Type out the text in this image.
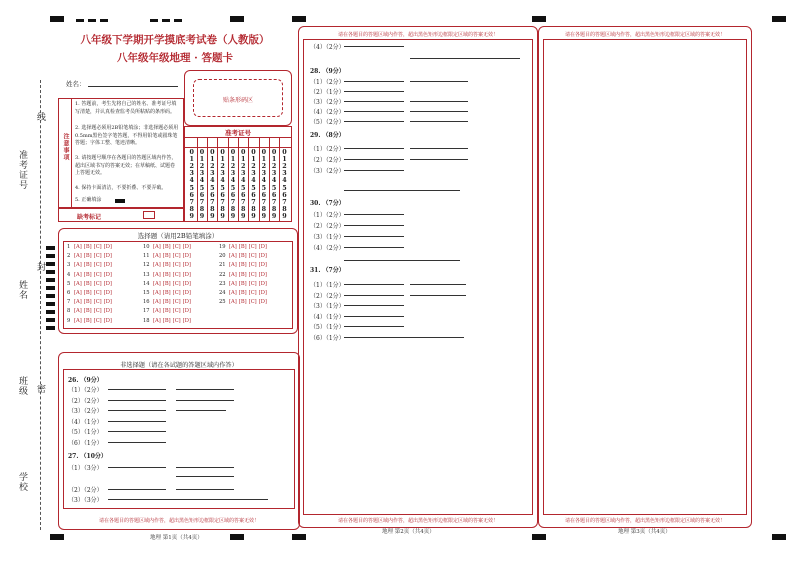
准考证号
线
姓名
封
班级 密
学校
八年级下学期开学摸底考试卷（人教版）
八年级年级地理 · 答题卡
姓名：
贴条形码区
注意事项
1. 答题前，考生先将自己的姓名、准考证号填写清楚，并认真检查监考员所粘贴的条形码。
2. 选择题必须用2B铅笔填涂；非选择题必须用0.5mm黑色签字笔答题，不得用铅笔或圆珠笔答题；字体工整、笔迹清晰。
3. 请按题号顺序在各题目的答题区域内作答，超出区域书写的答案无效；在草稿纸、试题卷上答题无效。
4. 保持卡面清洁，不要折叠、不要弄破。
5. 正确填涂
缺考标记
准考证号
0
1
2
3
4
5
6
7
8
9
0
1
2
3
4
5
6
7
8
9
0
1
2
3
4
5
6
7
8
9
0
1
2
3
4
5
6
7
8
9
0
1
2
3
4
5
6
7
8
9
0
1
2
3
4
5
6
7
8
9
0
1
2
3
4
5
6
7
8
9
0
1
2
3
4
5
6
7
8
9
0
1
2
3
4
5
6
7
8
9
0
1
2
3
4
5
6
7
8
9
选择题（请用2B铅笔填涂）
1 [A] [B] [C] [D]
2 [A] [B] [C] [D]
3 [A] [B] [C] [D]
4 [A] [B] [C] [D]
5 [A] [B] [C] [D]
6 [A] [B] [C] [D]
7 [A] [B] [C] [D]
8 [A] [B] [C] [D]
9 [A] [B] [C] [D]
10 [A] [B] [C] [D]
11 [A] [B] [C] [D]
12 [A] [B] [C] [D]
13 [A] [B] [C] [D]
14 [A] [B] [C] [D]
15 [A] [B] [C] [D]
16 [A] [B] [C] [D]
17 [A] [B] [C] [D]
18 [A] [B] [C] [D]
19 [A] [B] [C] [D]
20 [A] [B] [C] [D]
21 [A] [B] [C] [D]
22 [A] [B] [C] [D]
23 [A] [B] [C] [D]
24 [A] [B] [C] [D]
25 [A] [B] [C] [D]
非选择题（请在各试题的答题区域内作答）
请在各题目的答题区域内作答，超出黑色矩形边框限定区域的答案无效！
26. （9分）
（1）（2分）
（2）（2分）
（3）（2分）
（4）（1分）
（5）（1分）
（6）（1分）
27. （10分）
（1）（3分）
（2）（2分）
（3）（3分）
地理 第1页（共4页）
请在各题目的答题区域内作答，超出黑色矩形边框限定区域的答案无效！
请在各题目的答题区域内作答，超出黑色矩形边框限定区域的答案无效！
（4）（2分）
28. （9分）
（1）（2分）
（2）（1分）
（3）（2分）
（4）（2分）
（5）（2分）
29. （8分）
（1）（2分）
（2）（2分）
（3）（2分）
30. （7分）
（1）（2分）
（2）（2分）
（3）（1分）
（4）（2分）
31. （7分）
（1）（1分）
（2）（2分）
（3）（1分）
（4）（1分）
（5）（1分）
（6）（1分）
地理 第2页（共4页）
请在各题目的答题区域内作答，超出黑色矩形边框限定区域的答案无效！
请在各题目的答题区域内作答，超出黑色矩形边框限定区域的答案无效！
地理 第3页（共4页）
